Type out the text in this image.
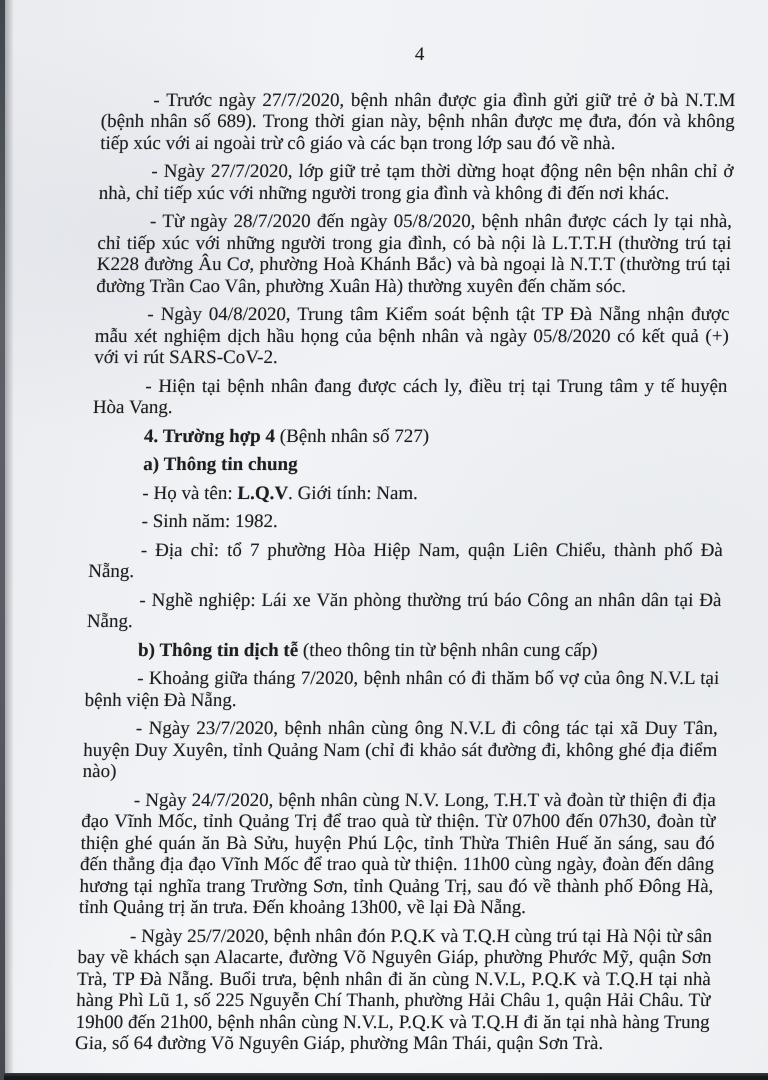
4

- Trước ngày 27/7/2020, bệnh nhân được gia đình gửi giữ trẻ ở bà N.T.M (bệnh nhân số 689). Trong thời gian này, bệnh nhân được mẹ đưa, đón và không tiếp xúc với ai ngoài trừ cô giáo và các bạn trong lớp sau đó về nhà.

- Ngày 27/7/2020, lớp giữ trẻ tạm thời dừng hoạt động nên bện nhân chỉ ở nhà, chỉ tiếp xúc với những người trong gia đình và không đi đến nơi khác.

- Từ ngày 28/7/2020 đến ngày 05/8/2020, bệnh nhân được cách ly tại nhà, chỉ tiếp xúc với những người trong gia đình, có bà nội là L.T.T.H (thường trú tại K228 đường Âu Cơ, phường Hoà Khánh Bắc) và bà ngoại là N.T.T (thường trú tại đường Trần Cao Vân, phường Xuân Hà) thường xuyên đến chăm sóc.

- Ngày 04/8/2020, Trung tâm Kiểm soát bệnh tật TP Đà Nẵng nhận được mẫu xét nghiệm dịch hầu họng của bệnh nhân và ngày 05/8/2020 có kết quả (+) với vi rút SARS-CoV-2.

- Hiện tại bệnh nhân đang được cách ly, điều trị tại Trung tâm y tế huyện Hòa Vang.

4. Trường hợp 4 (Bệnh nhân số 727)

a) Thông tin chung

- Họ và tên: L.Q.V. Giới tính: Nam.

- Sinh năm: 1982.

- Địa chỉ: tổ 7 phường Hòa Hiệp Nam, quận Liên Chiểu, thành phố Đà Nẵng.

- Nghề nghiệp: Lái xe Văn phòng thường trú báo Công an nhân dân tại Đà Nẵng.

b) Thông tin dịch tễ (theo thông tin từ bệnh nhân cung cấp)

- Khoảng giữa tháng 7/2020, bệnh nhân có đi thăm bố vợ của ông N.V.L tại bệnh viện Đà Nẵng.

- Ngày 23/7/2020, bệnh nhân cùng ông N.V.L đi công tác tại xã Duy Tân, huyện Duy Xuyên, tỉnh Quảng Nam (chỉ đi khảo sát đường đi, không ghé địa điểm nào)

- Ngày 24/7/2020, bệnh nhân cùng N.V. Long, T.H.T và đoàn từ thiện đi địa đạo Vĩnh Mốc, tỉnh Quảng Trị để trao quà từ thiện. Từ 07h00 đến 07h30, đoàn từ thiện ghé quán ăn Bà Sửu, huyện Phú Lộc, tỉnh Thừa Thiên Huế ăn sáng, sau đó đến thẳng địa đạo Vĩnh Mốc để trao quà từ thiện. 11h00 cùng ngày, đoàn đến dâng hương tại nghĩa trang Trường Sơn, tỉnh Quảng Trị, sau đó về thành phố Đông Hà, tỉnh Quảng trị ăn trưa. Đến khoảng 13h00, về lại Đà Nẵng.

- Ngày 25/7/2020, bệnh nhân đón P.Q.K và T.Q.H cùng trú tại Hà Nội từ sân bay về khách sạn Alacarte, đường Võ Nguyên Giáp, phường Phước Mỹ, quận Sơn Trà, TP Đà Nẵng. Buổi trưa, bệnh nhân đi ăn cùng N.V.L, P.Q.K và T.Q.H tại nhà hàng Phì Lũ 1, số 225 Nguyễn Chí Thanh, phường Hải Châu 1, quận Hải Châu. Từ 19h00 đến 21h00, bệnh nhân cùng N.V.L, P.Q.K và T.Q.H đi ăn tại nhà hàng Trung Gia, số 64 đường Võ Nguyên Giáp, phường Mân Thái, quận Sơn Trà.
